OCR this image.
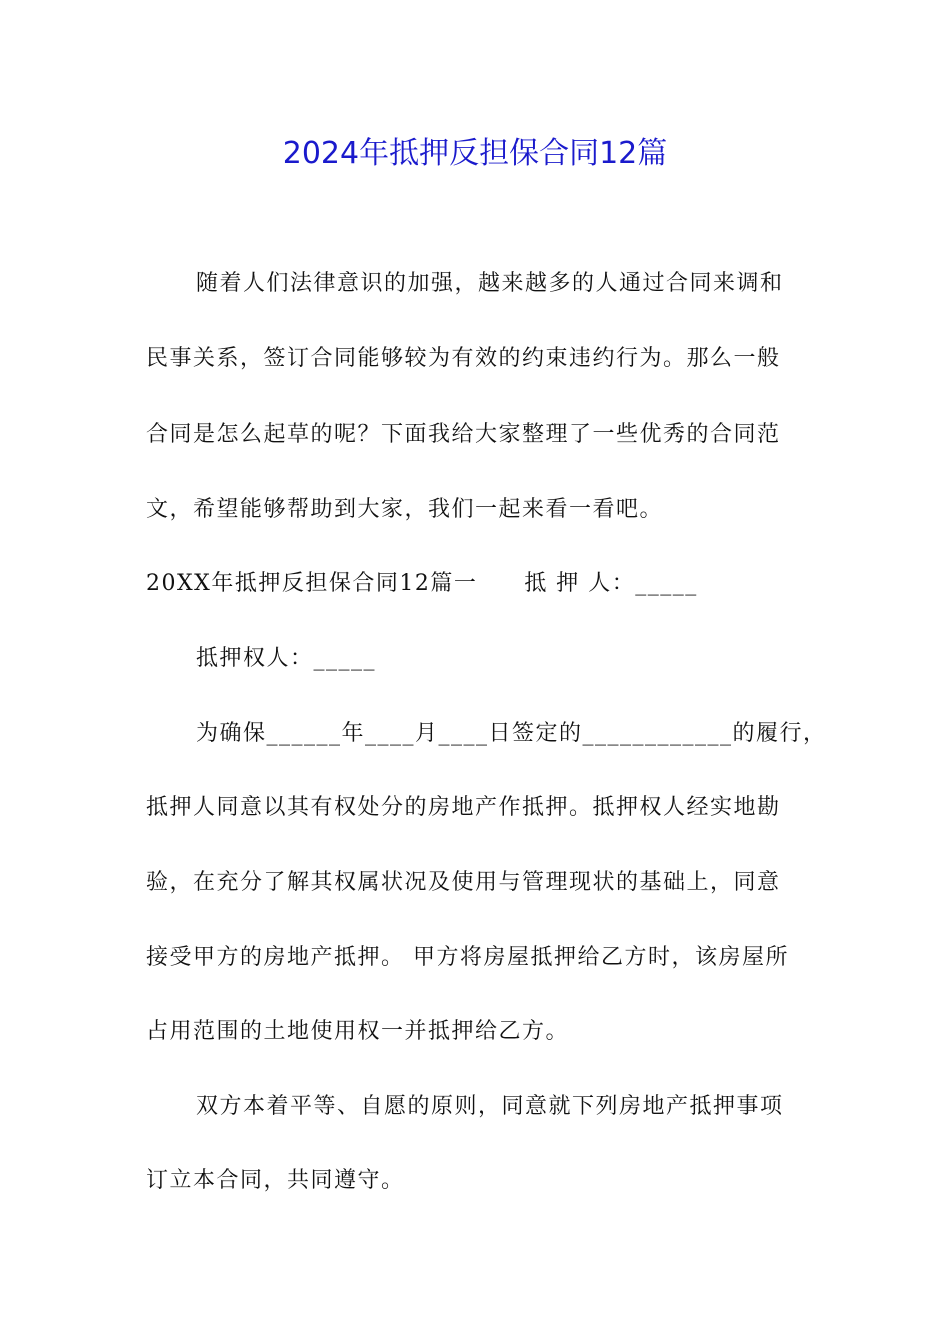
2024年抵押反担保合同12篇
随着人们法律意识的加强，越来越多的人通过合同来调和
民事关系，签订合同能够较为有效的约束违约行为。那么一般
合同是怎么起草的呢？下面我给大家整理了一些优秀的合同范
文，希望能够帮助到大家，我们一起来看一看吧。
20XX年抵押反担保合同12篇一　　抵 押 人：_____
抵押权人：_____
为确保______年____月____日签定的____________的履行，
抵押人同意以其有权处分的房地产作抵押。抵押权人经实地勘
验，在充分了解其权属状况及使用与管理现状的基础上，同意
接受甲方的房地产抵押。 甲方将房屋抵押给乙方时，该房屋所
占用范围的土地使用权一并抵押给乙方。
双方本着平等、自愿的原则，同意就下列房地产抵押事项
订立本合同，共同遵守。
